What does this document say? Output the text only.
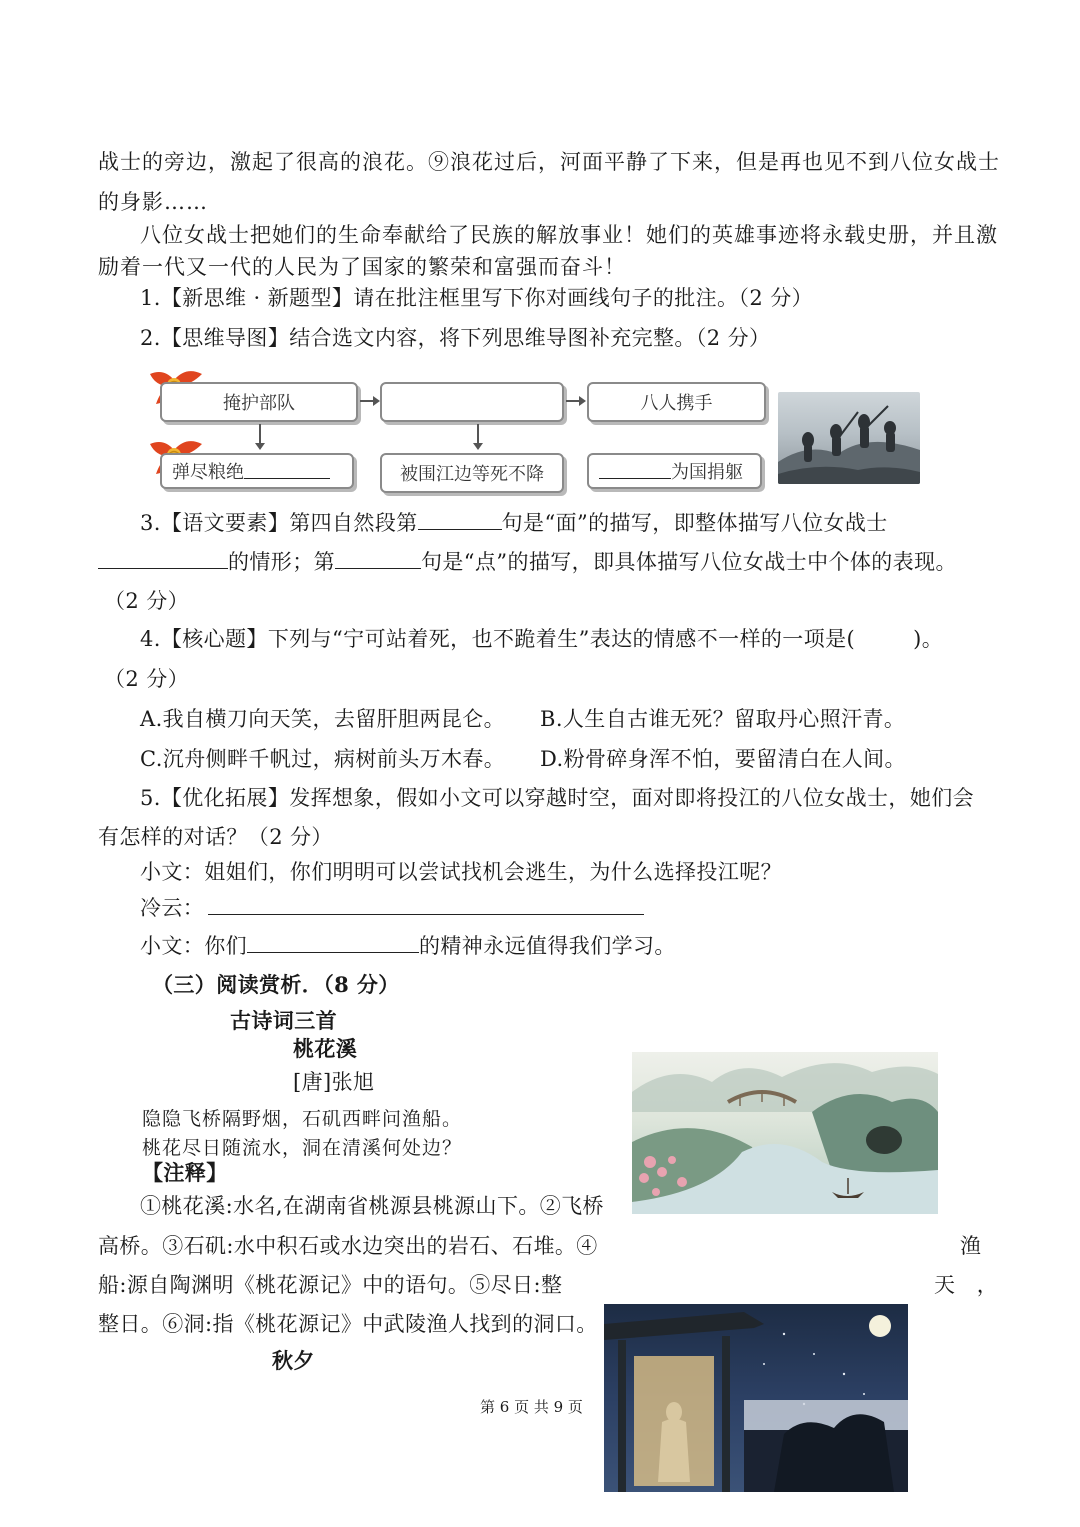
战士的旁边，激起了很高的浪花。⑨浪花过后，河面平静了下来，但是再也见不到八位女战士
的身影……
八位女战士把她们的生命奉献给了民族的解放事业！她们的英雄事迹将永载史册，并且激
励着一代又一代的人民为了国家的繁荣和富强而奋斗！
1.【新思维 · 新题型】请在批注框里写下你对画线句子的批注。（2 分）
2.【思维导图】结合选文内容，将下列思维导图补充完整。（2 分）
掩护部队	八人携手
弹尽粮绝	被围江边等死不降	为国捐躯
3.【语文要素】第四自然段第	句是“面”的描写，即整体描写八位女战士
的情形；第	句是“点”的描写，即具体描写八位女战士中个体的表现。
（2 分）
4.【核心题】下列与“宁可站着死，也不跪着生”表达的情感不一样的一项是(	)。
（2 分）
A.我自横刀向天笑，去留肝胆两昆仑。 B.人生自古谁无死？留取丹心照汗青。
C.沉舟侧畔千帆过，病树前头万木春。 D.粉骨碎身浑不怕，要留清白在人间。
5.【优化拓展】发挥想象，假如小文可以穿越时空，面对即将投江的八位女战士，她们会
有怎样的对话？（2 分）
小文：姐姐们，你们明明可以尝试找机会逃生，为什么选择投江呢？
冷云：
小文：你们	的精神永远值得我们学习。
（三）阅读赏析．（8 分）
古诗词三首
桃花溪
[唐]张旭
隐隐飞桥隔野烟，石矶西畔问渔船。
桃花尽日随流水，洞在清溪何处边？
【注释】
①桃花溪:水名,在湖南省桃源县桃源山下。②飞桥
高桥。③石矶:水中积石或水边突出的岩石、石堆。④	渔
船:源自陶渊明《桃花源记》中的语句。⑤尽日:整	天　，
整日。⑥洞:指《桃花源记》中武陵渔人找到的洞口。
秋夕
第 6 页 共 9 页
